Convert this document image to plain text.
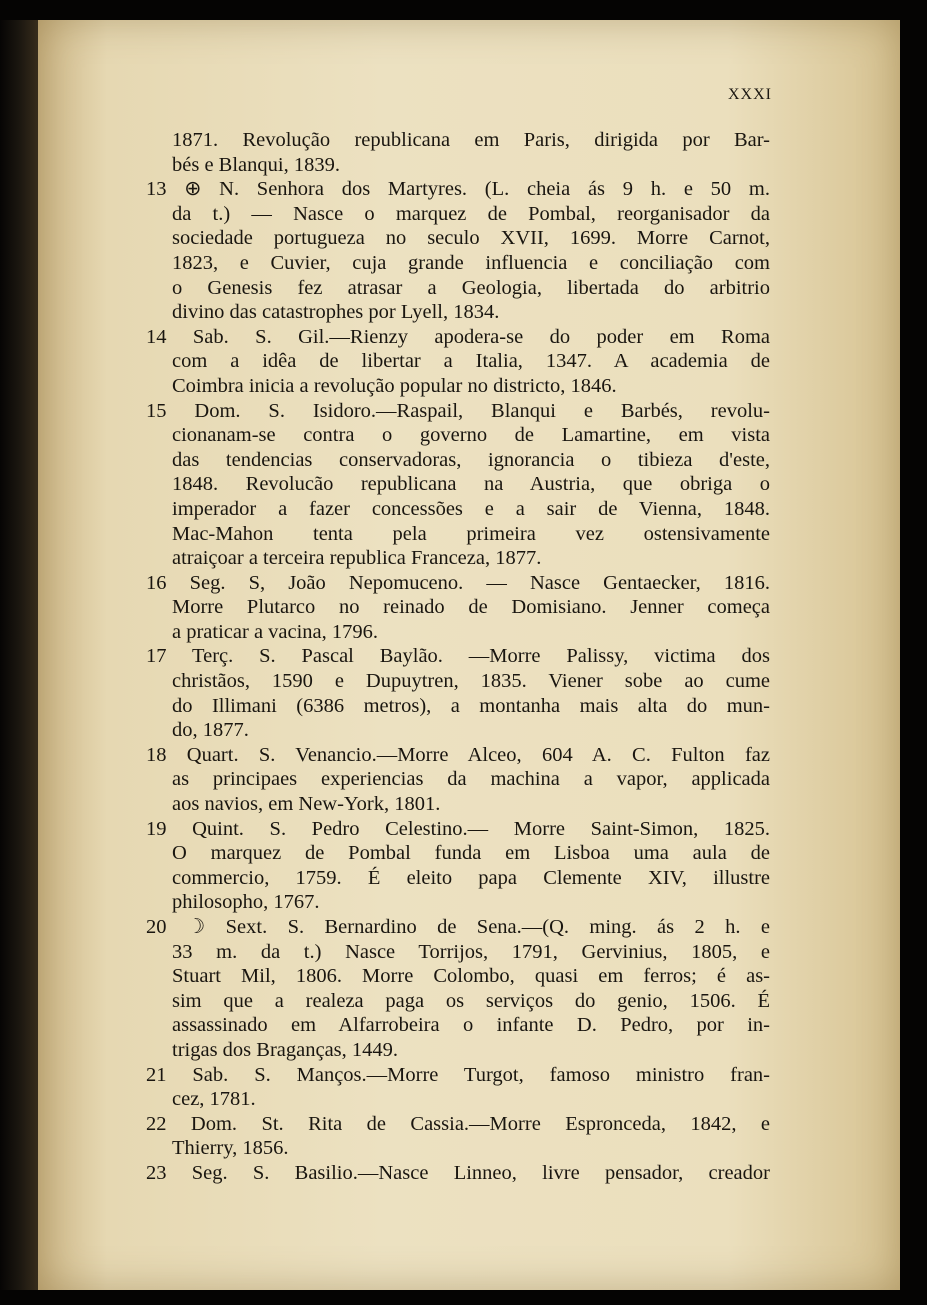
XXXI
1871. Revolução republicana em Paris, dirigida por Bar-
bés e Blanqui, 1839.
13 ⊕ N. Senhora dos Martyres. (L. cheia ás 9 h. e 50 m.
da t.) — Nasce o marquez de Pombal, reorganisador da
sociedade portugueza no seculo XVII, 1699. Morre Carnot,
1823, e Cuvier, cuja grande influencia e conciliação com
o Genesis fez atrasar a Geologia, libertada do arbitrio
divino das catastrophes por Lyell, 1834.
14 Sab. S. Gil.—Rienzy apodera-se do poder em Roma
com a idêa de libertar a Italia, 1347. A academia de
Coimbra inicia a revolução popular no districto, 1846.
15 Dom. S. Isidoro.—Raspail, Blanqui e Barbés, revolu-
cionanam-se contra o governo de Lamartine, em vista
das tendencias conservadoras, ignorancia o tibieza d'este,
1848. Revolucão republicana na Austria, que obriga o
imperador a fazer concessões e a sair de Vienna, 1848.
Mac-Mahon tenta pela primeira vez ostensivamente
atraiçoar a terceira republica Franceza, 1877.
16 Seg. S, João Nepomuceno. — Nasce Gentaecker, 1816.
Morre Plutarco no reinado de Domisiano. Jenner começa
a praticar a vacina, 1796.
17 Terç. S. Pascal Baylão. —Morre Palissy, victima dos
christãos, 1590 e Dupuytren, 1835. Viener sobe ao cume
do Illimani (6386 metros), a montanha mais alta do mun-
do, 1877.
18 Quart. S. Venancio.—Morre Alceo, 604 A. C. Fulton faz
as principaes experiencias da machina a vapor, applicada
aos navios, em New-York, 1801.
19 Quint. S. Pedro Celestino.— Morre Saint-Simon, 1825.
O marquez de Pombal funda em Lisboa uma aula de
commercio, 1759. É eleito papa Clemente XIV, illustre
philosopho, 1767.
20 ☽ Sext. S. Bernardino de Sena.—(Q. ming. ás 2 h. e
33 m. da t.) Nasce Torrijos, 1791, Gervinius, 1805, e
Stuart Mil, 1806. Morre Colombo, quasi em ferros; é as-
sim que a realeza paga os serviços do genio, 1506. É
assassinado em Alfarrobeira o infante D. Pedro, por in-
trigas dos Braganças, 1449.
21 Sab. S. Manços.—Morre Turgot, famoso ministro fran-
cez, 1781.
22 Dom. St. Rita de Cassia.—Morre Espronceda, 1842, e
Thierry, 1856.
23 Seg. S. Basilio.—Nasce Linneo, livre pensador, creador
